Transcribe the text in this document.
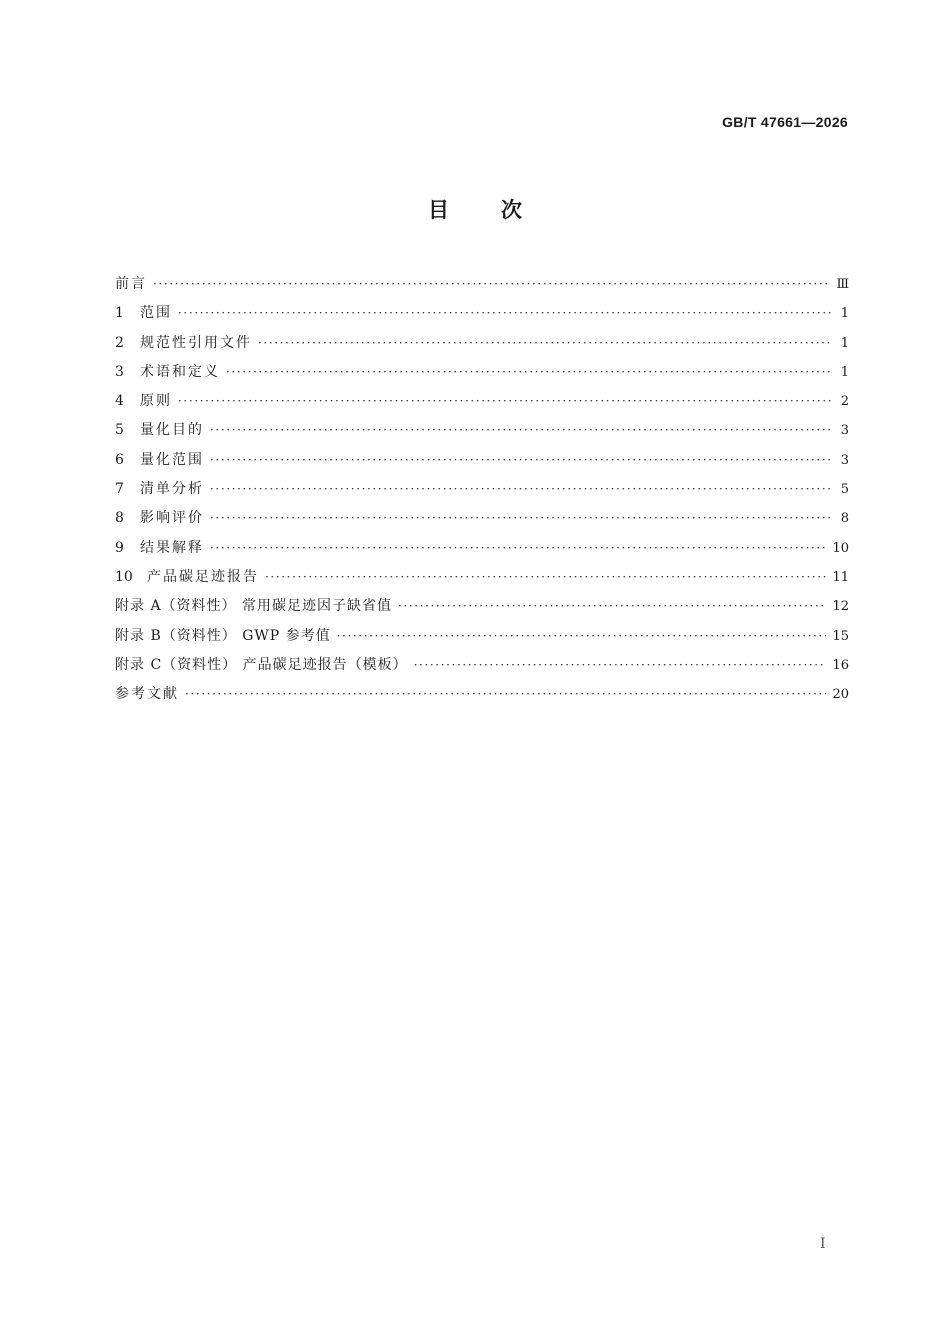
GB/T 47661—2026
目 次
前言 ·····	Ⅲ
1 范围 ·····	1
2 规范性引用文件 ·····	1
3 术语和定义 ·····	1
4 原则 ·····	2
5 量化目的 ·····	3
6 量化范围 ·····	3
7 清单分析 ·····	5
8 影响评价 ·····	8
9 结果解释 ·····	10
10 产品碳足迹报告 ·····	11
附录 A（资料性） 常用碳足迹因子缺省值 ·····	12
附录 B（资料性） GWP 参考值 ·····	15
附录 C（资料性） 产品碳足迹报告（模板） ·····	16
参考文献 ·····	20
I
